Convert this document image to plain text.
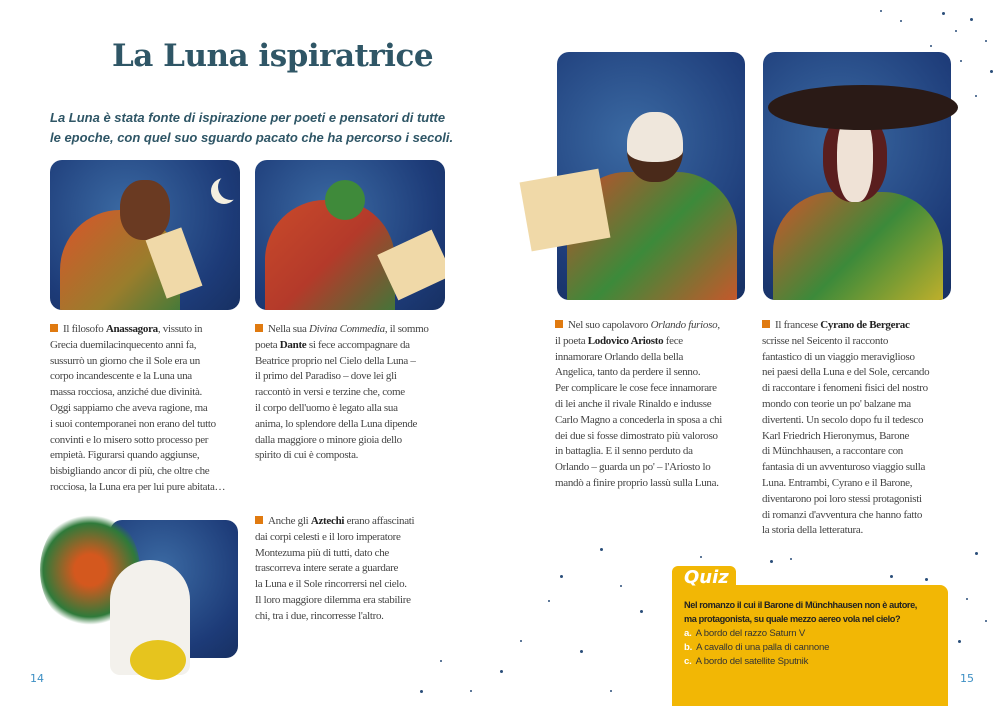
La Luna ispiratrice
La Luna è stata fonte di ispirazione per poeti e pensatori di tutte
le epoche, con quel suo sguardo pacato che ha percorso i secoli.
Il filosofo Anassagora, vissuto in
Grecia duemilacinquecento anni fa,
sussurrò un giorno che il Sole era un
corpo incandescente e la Luna una
massa rocciosa, anziché due divinità.
Oggi sappiamo che aveva ragione, ma
i suoi contemporanei non erano del tutto
convinti e lo misero sotto processo per
empietà. Figurarsi quando aggiunse,
bisbigliando ancor di più, che oltre che
rocciosa, la Luna era per lui pure abitata…
Nella sua Divina Commedia, il sommo
poeta Dante si fece accompagnare da
Beatrice proprio nel Cielo della Luna –
il primo del Paradiso – dove lei gli
raccontò in versi e terzine che, come
il corpo dell'uomo è legato alla sua
anima, lo splendore della Luna dipende
dalla maggiore o minore gioia dello
spirito di cui è composta.
Anche gli Aztechi erano affascinati
dai corpi celesti e il loro imperatore
Montezuma più di tutti, dato che
trascorreva intere serate a guardare
la Luna e il Sole rincorrersi nel cielo.
Il loro maggiore dilemma era stabilire
chi, tra i due, rincorresse l'altro.
Nel suo capolavoro Orlando furioso,
il poeta Lodovico Ariosto fece
innamorare Orlando della bella
Angelica, tanto da perdere il senno.
Per complicare le cose fece innamorare
di lei anche il rivale Rinaldo e indusse
Carlo Magno a concederla in sposa a chi
dei due si fosse dimostrato più valoroso
in battaglia. E il senno perduto da
Orlando – guarda un po' – l'Ariosto lo
mandò a finire proprio lassù sulla Luna.
Il francese Cyrano de Bergerac
scrisse nel Seicento il racconto
fantastico di un viaggio meraviglioso
nei paesi della Luna e del Sole, cercando
di raccontare i fenomeni fisici del nostro
mondo con teorie un po' balzane ma
divertenti. Un secolo dopo fu il tedesco
Karl Friedrich Hieronymus, Barone
di Münchhausen, a raccontare con
fantasia di un avventuroso viaggio sulla
Luna. Entrambi, Cyrano e il Barone,
diventarono poi loro stessi protagonisti
di romanzi d'avventura che hanno fatto
la storia della letteratura.
Quiz
Nel romanzo il cui il Barone di Münchhausen non è autore,
ma protagonista, su quale mezzo aereo vola nel cielo?
a. A bordo del razzo Saturn V
b. A cavallo di una palla di cannone
c. A bordo del satellite Sputnik
14	15
